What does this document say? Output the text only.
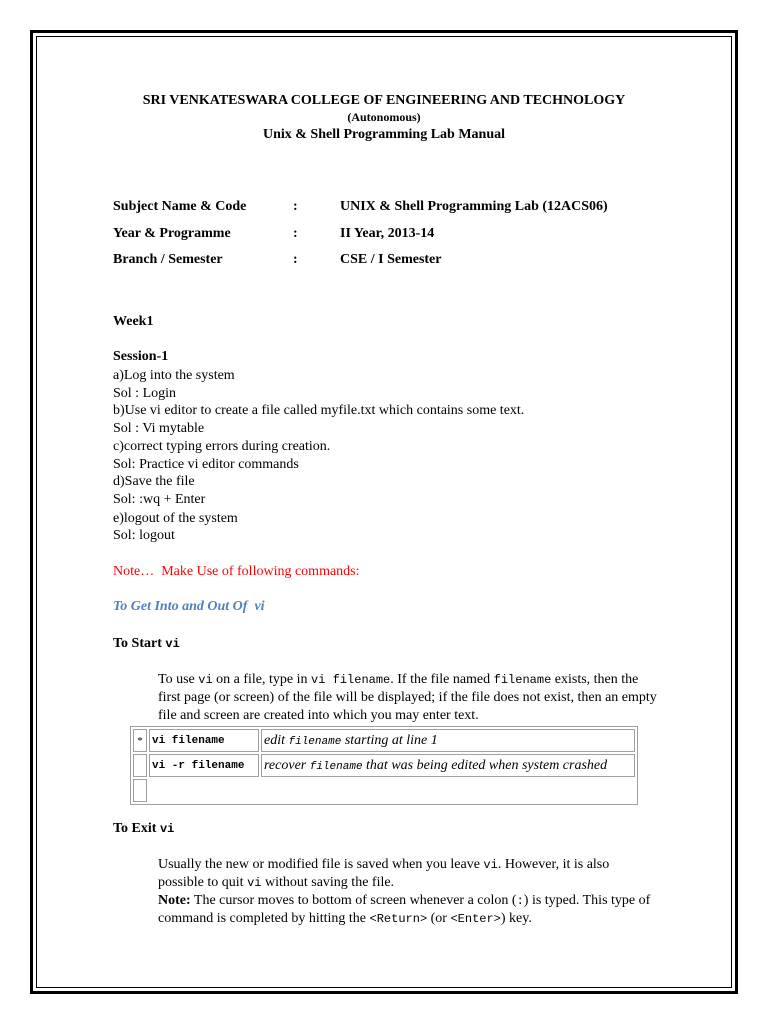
SRI VENKATESWARA COLLEGE OF ENGINEERING AND TECHNOLOGY
(Autonomous)
Unix & Shell Programming Lab Manual
Subject Name & Code	:	UNIX & Shell Programming Lab (12ACS06)
Year & Programme	:	II Year, 2013-14
Branch / Semester	:	CSE / I Semester
Week1
Session-1
a)Log into the system
Sol : Login
b)Use vi editor to create a file called myfile.txt which contains some text.
Sol : Vi mytable
c)correct typing errors during creation.
Sol: Practice vi editor commands
d)Save the file
Sol: :wq + Enter
e)logout of the system
Sol: logout
Note…  Make Use of following commands:
To Get Into and Out Of  vi
To Start vi
To use vi on a file, type in vi filename. If the file named filename exists, then the first page (or screen) of the file will be displayed; if the file does not exist, then an empty file and screen are created into which you may enter text.
*	vi filename	edit filename starting at line 1
	vi -r filename	recover filename that was being edited when system crashed

To Exit vi
Usually the new or modified file is saved when you leave vi. However, it is also possible to quit vi without saving the file.
Note: The cursor moves to bottom of screen whenever a colon (:) is typed. This type of command is completed by hitting the <Return> (or <Enter>) key.
